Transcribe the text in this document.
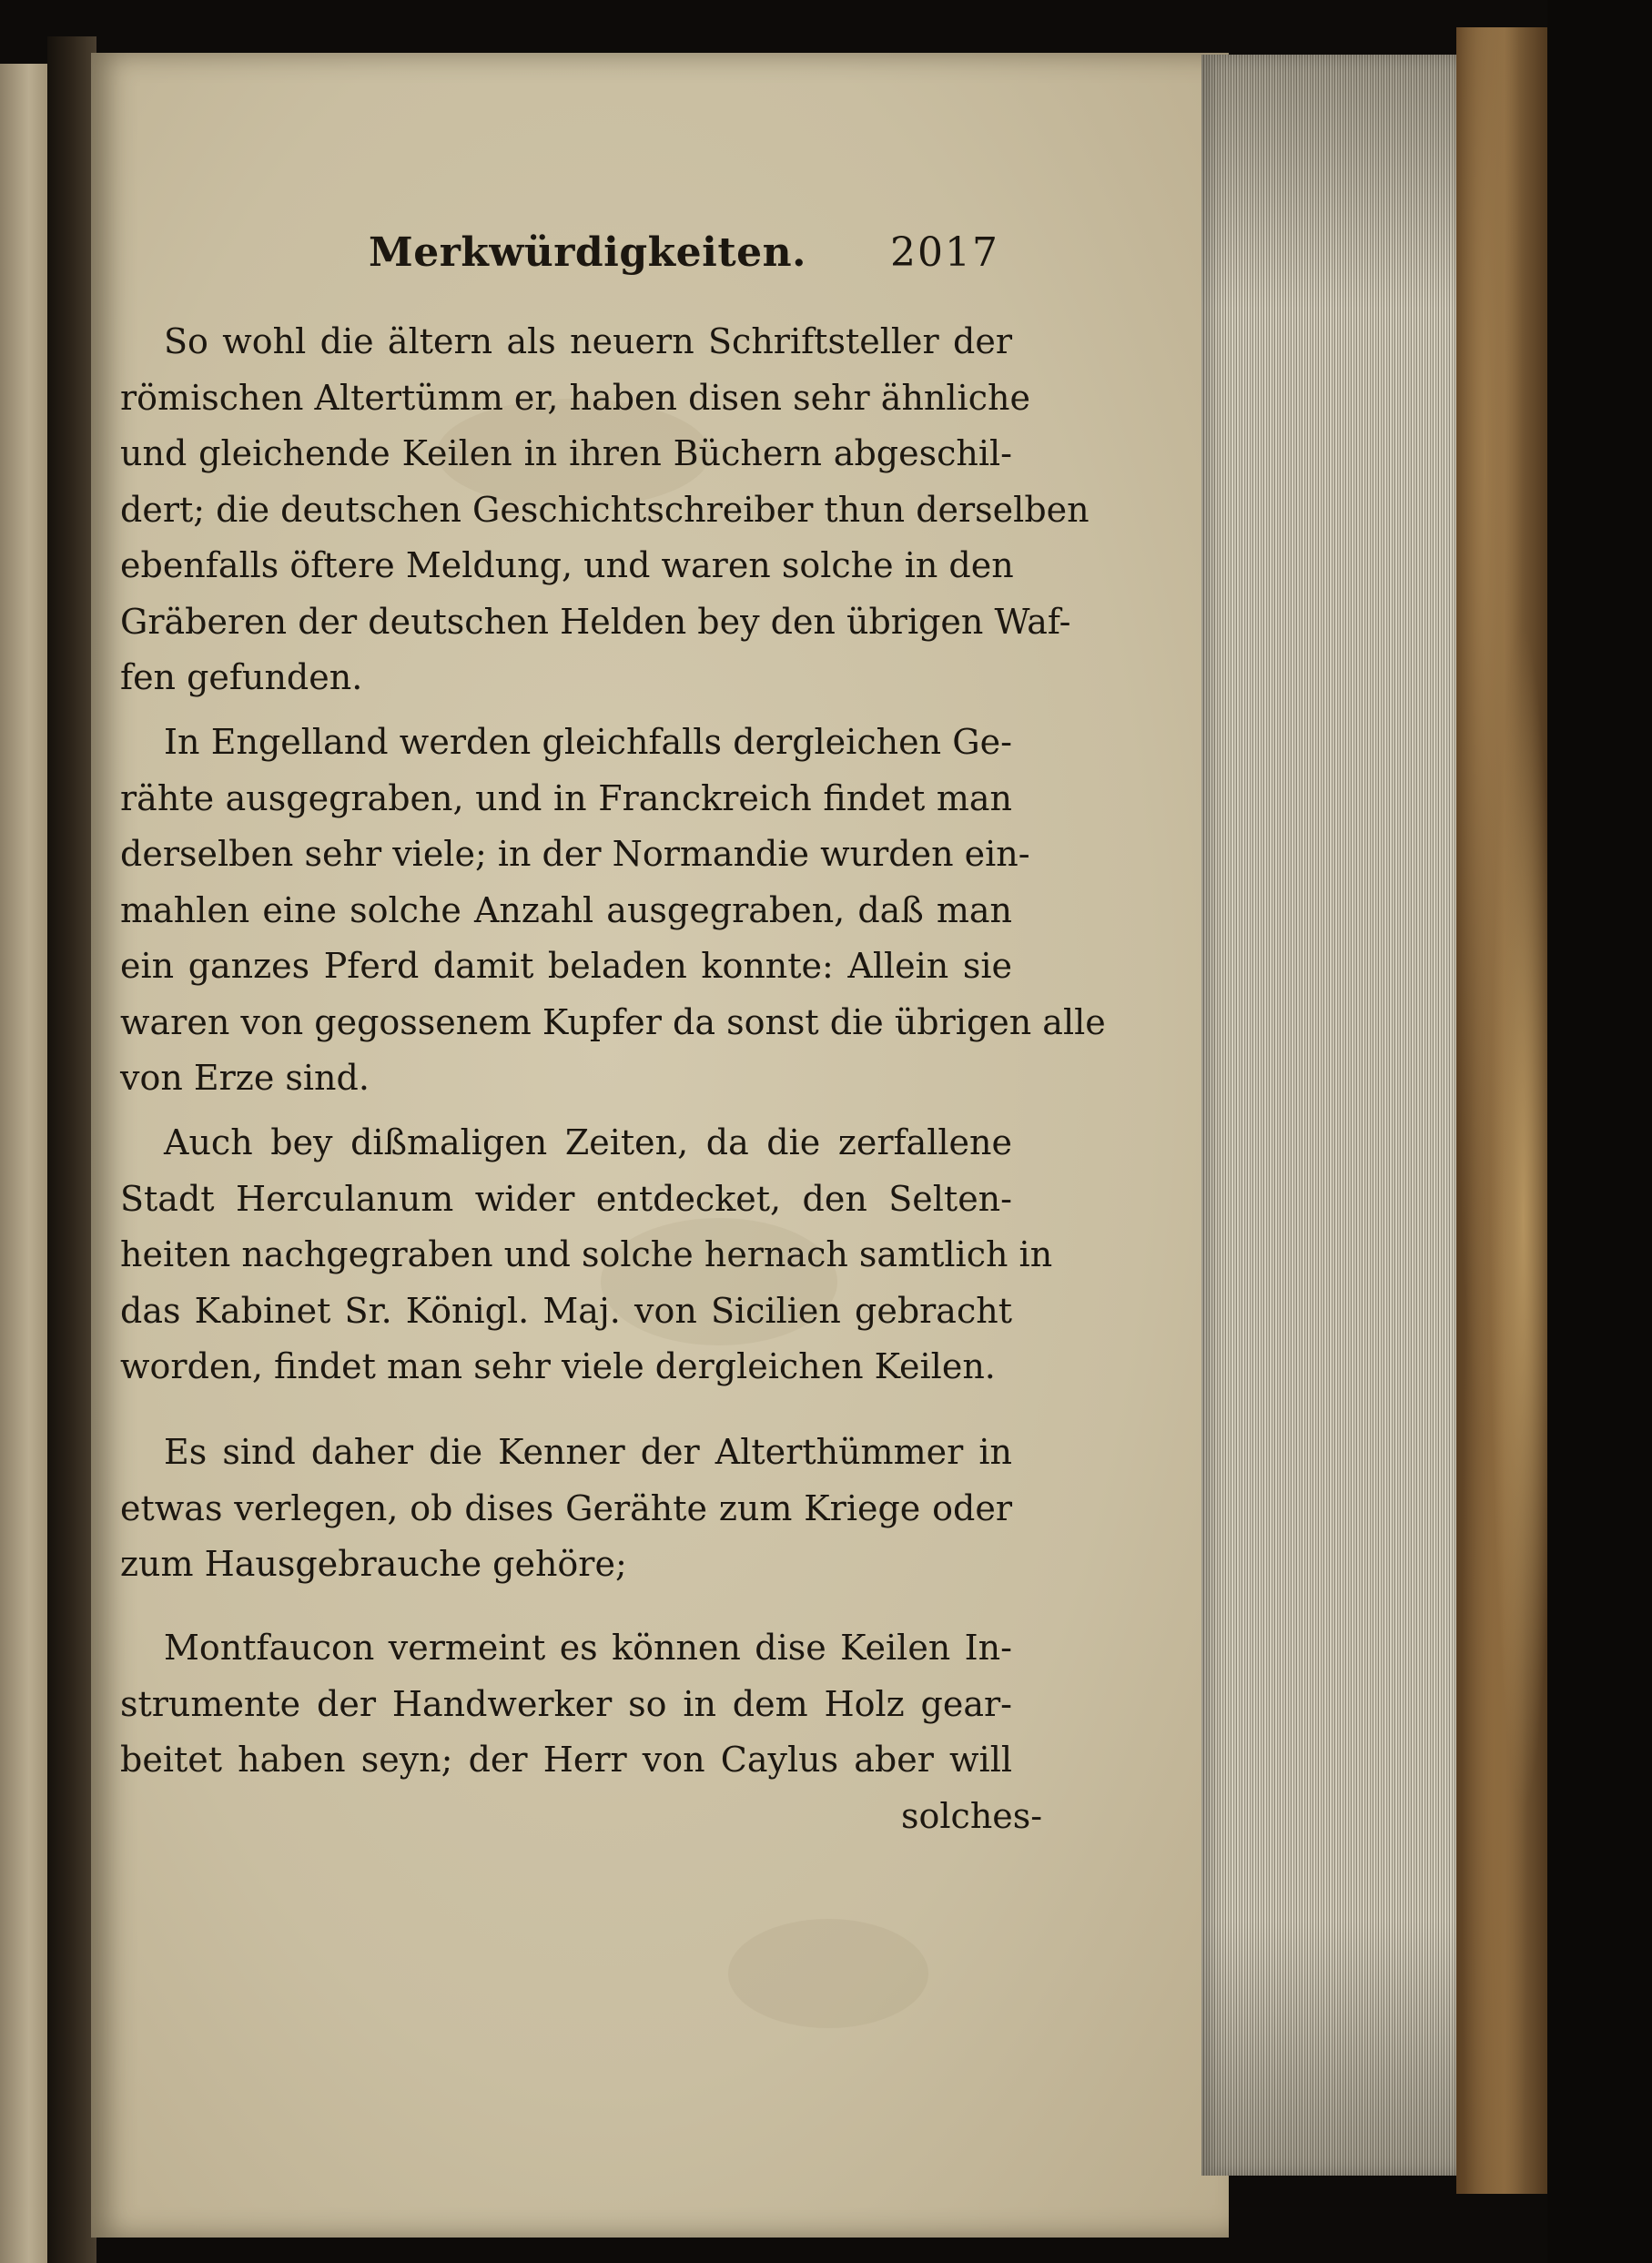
Merkwürdigkeiten. 2017
So wohl die ältern als neuern Schriftsteller der
römischen Altertümm er, haben disen sehr ähnliche
und gleichende Keilen in ihren Büchern abgeschil-
dert; die deutschen Geschichtschreiber thun derselben
ebenfalls öftere Meldung, und waren solche in den
Gräberen der deutschen Helden bey den übrigen Waf-
fen gefunden.
In Engelland werden gleichfalls dergleichen Ge-
rähte ausgegraben, und in Franckreich findet man
derselben sehr viele; in der Normandie wurden ein-
mahlen eine solche Anzahl ausgegraben, daß man
ein ganzes Pferd damit beladen konnte: Allein sie
waren von gegossenem Kupfer da sonst die übrigen alle
von Erze sind.
Auch bey dißmaligen Zeiten, da die zerfallene
Stadt Herculanum wider entdecket, den Selten-
heiten nachgegraben und solche hernach samtlich in
das Kabinet Sr. Königl. Maj. von Sicilien gebracht
worden, findet man sehr viele dergleichen Keilen.
Es sind daher die Kenner der Alterthümmer in
etwas verlegen, ob dises Gerähte zum Kriege oder
zum Hausgebrauche gehöre;
Montfaucon vermeint es können dise Keilen In-
strumente der Handwerker so in dem Holz gear-
beitet haben seyn; der Herr von Caylus aber will
solches-
